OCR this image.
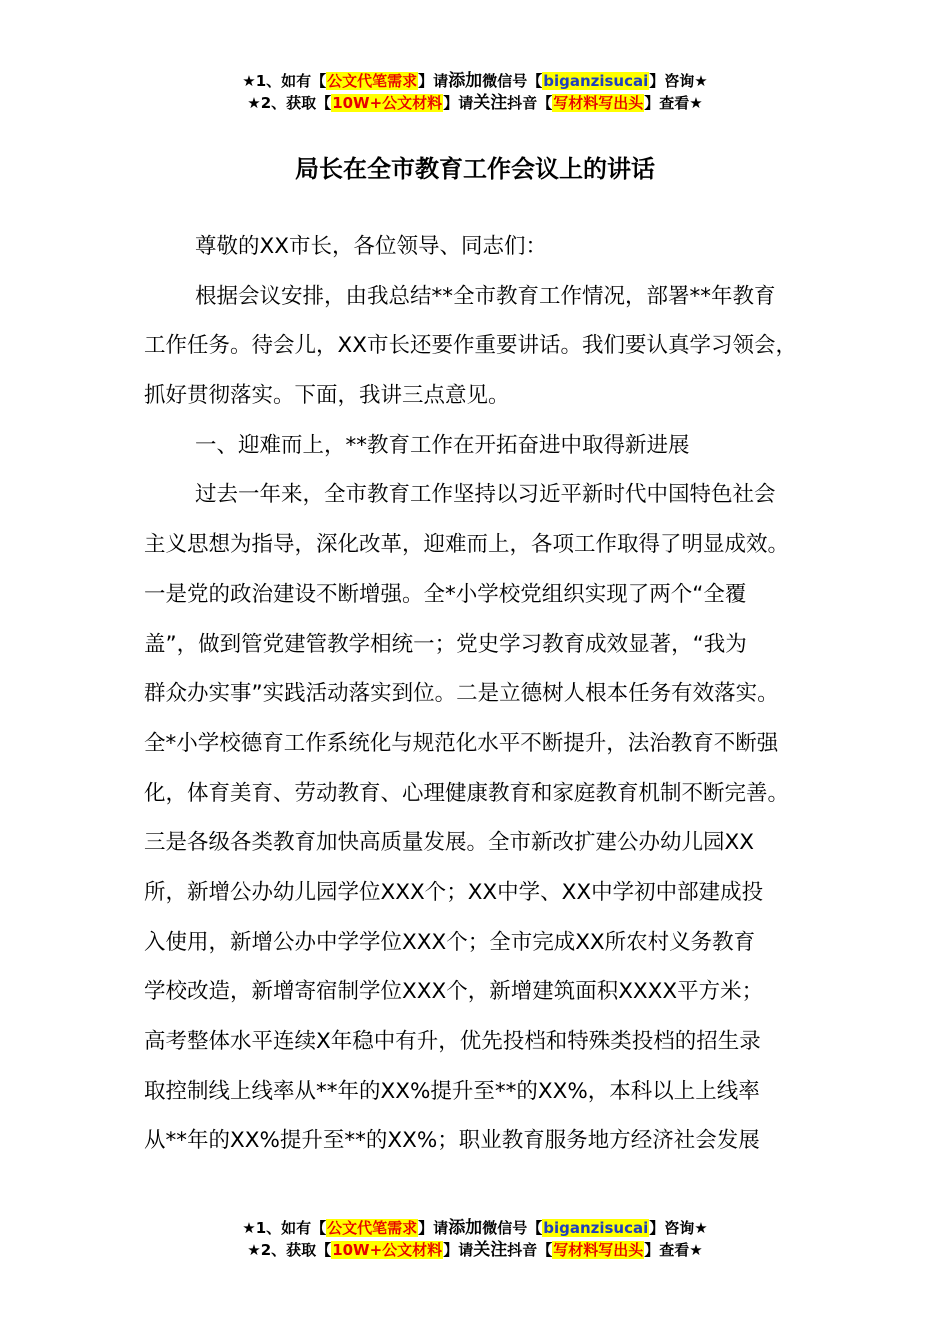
★1、如有【公文代笔需求】请添加微信号【biganzisucai】咨询★
★2、获取【10W+公文材料】请关注抖音【写材料写出头】查看★
局长在全市教育工作会议上的讲话
尊敬的XX市长，各位领导、同志们：
根据会议安排，由我总结**全市教育工作情况，部署**年教育
工作任务。待会儿，XX市长还要作重要讲话。我们要认真学习领会，
抓好贯彻落实。下面，我讲三点意见。
一、迎难而上，**教育工作在开拓奋进中取得新进展
过去一年来，全市教育工作坚持以习近平新时代中国特色社会
主义思想为指导，深化改革，迎难而上，各项工作取得了明显成效。
一是党的政治建设不断增强。全*小学校党组织实现了两个“全覆
盖”，做到管党建管教学相统一；党史学习教育成效显著，“我为
群众办实事”实践活动落实到位。二是立德树人根本任务有效落实。
全*小学校德育工作系统化与规范化水平不断提升，法治教育不断强
化，体育美育、劳动教育、心理健康教育和家庭教育机制不断完善。
三是各级各类教育加快高质量发展。全市新改扩建公办幼儿园XX
所，新增公办幼儿园学位XXX个；XX中学、XX中学初中部建成投
入使用，新增公办中学学位XXX个；全市完成XX所农村义务教育
学校改造，新增寄宿制学位XXX个，新增建筑面积XXXX平方米；
高考整体水平连续X年稳中有升，优先投档和特殊类投档的招生录
取控制线上线率从**年的XX%提升至**的XX%，本科以上上线率
从**年的XX%提升至**的XX%；职业教育服务地方经济社会发展
★1、如有【公文代笔需求】请添加微信号【biganzisucai】咨询★
★2、获取【10W+公文材料】请关注抖音【写材料写出头】查看★
